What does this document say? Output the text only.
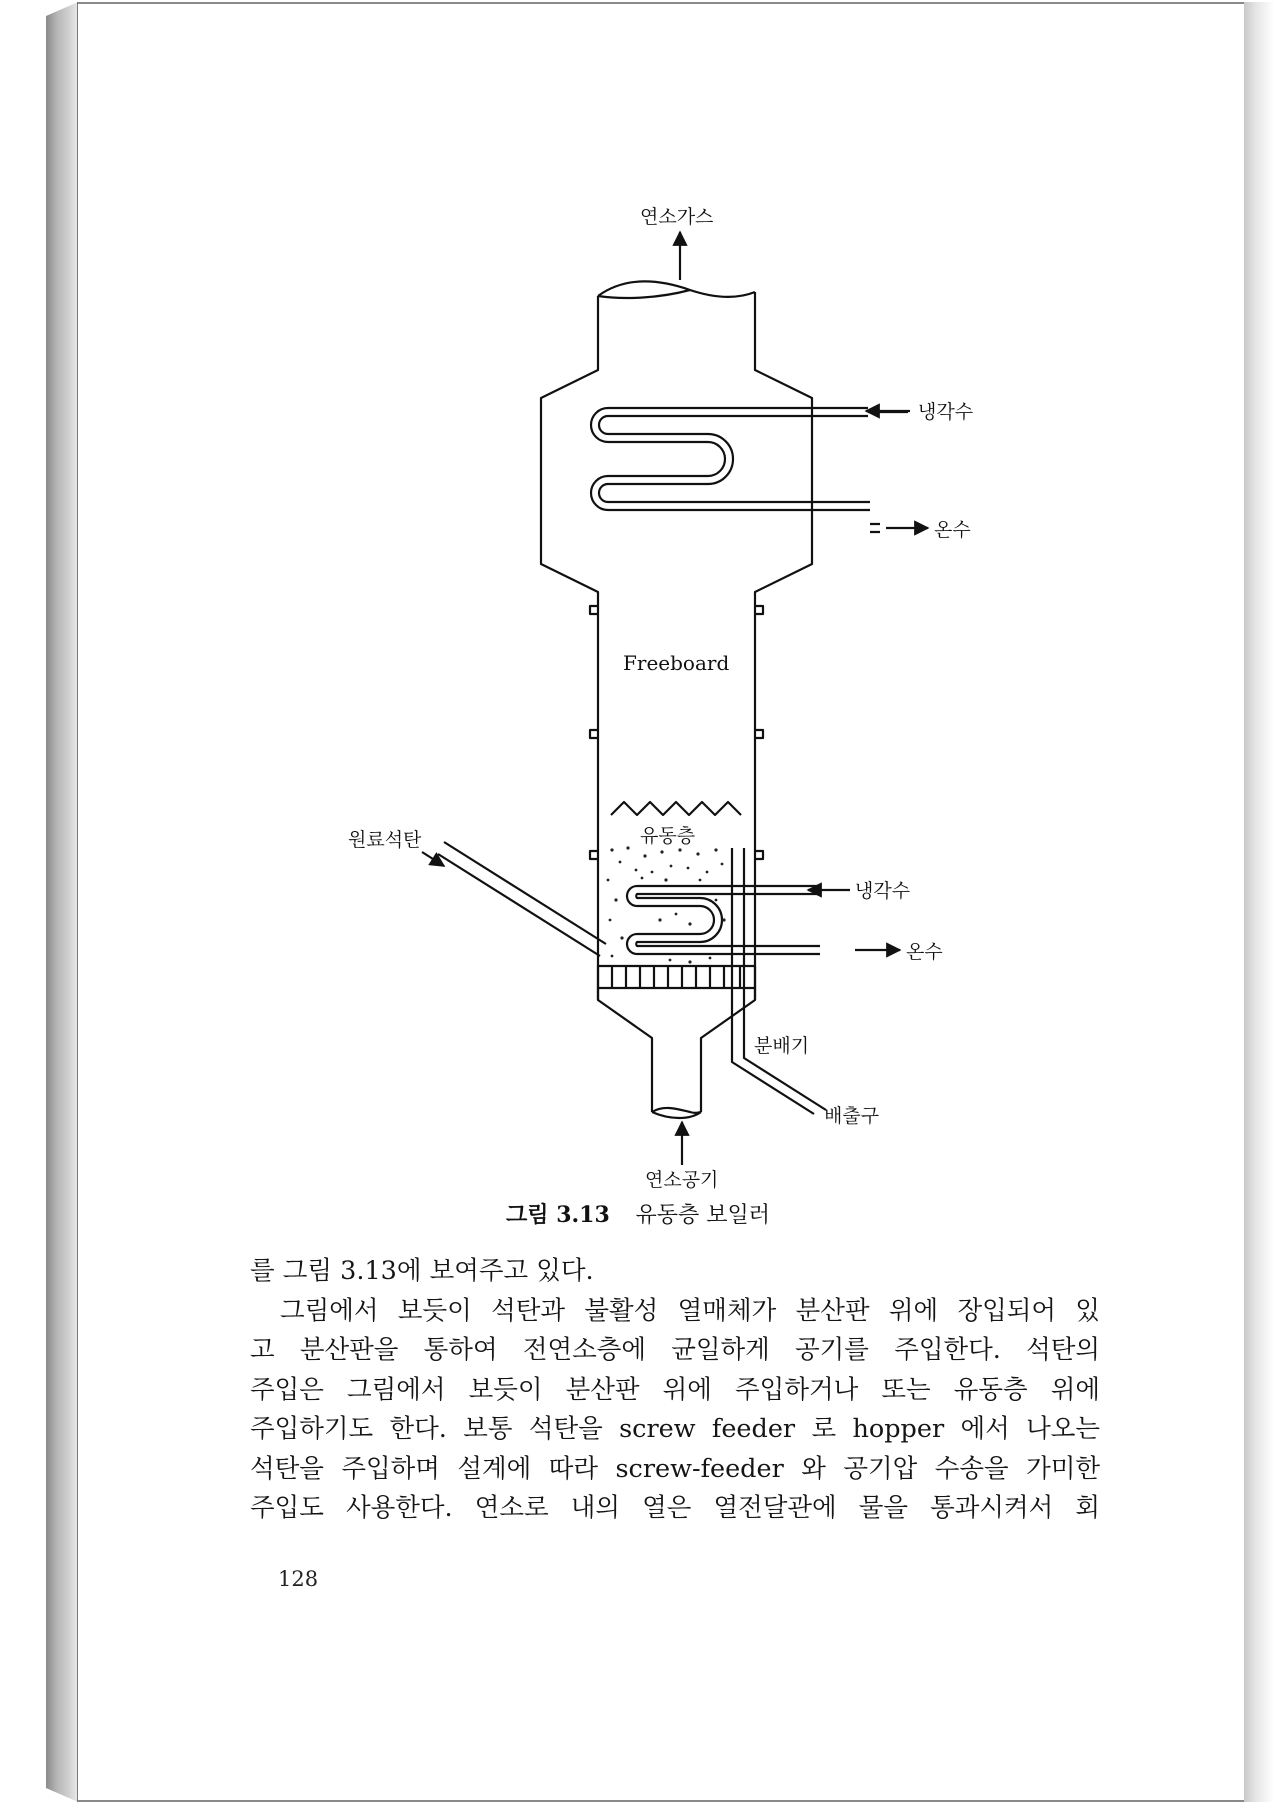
연소가스
냉각수
온수
Freeboard
유동층
원료석탄
냉각수
온수
분배기
배출구
연소공기
그림 3.13 유동층 보일러
를 그림 3.13에 보여주고 있다.
그림에서 보듯이 석탄과 불활성 열매체가 분산판 위에 장입되어 있
고 분산판을 통하여 전연소층에 균일하게 공기를 주입한다. 석탄의
주입은 그림에서 보듯이 분산판 위에 주입하거나 또는 유동층 위에
주입하기도 한다. 보통 석탄을 screw feeder 로 hopper 에서 나오는
석탄을 주입하며 설계에 따라 screw-feeder 와 공기압 수송을 가미한
주입도 사용한다. 연소로 내의 열은 열전달관에 물을 통과시켜서 회
128
